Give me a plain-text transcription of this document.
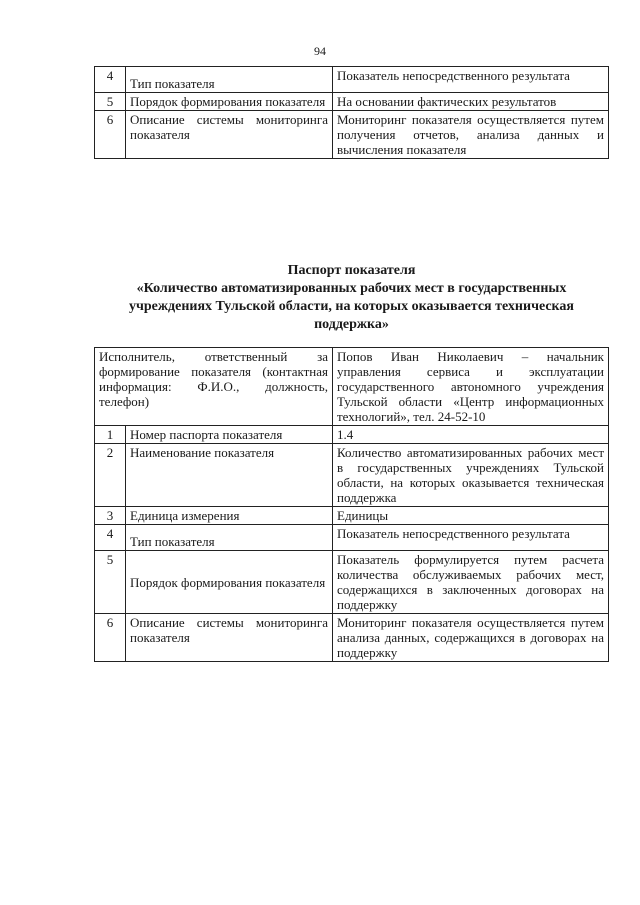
94
4	Тип показателя	Показатель непосредственного результата
5	Порядок формирования показателя	На основании фактических результатов
6	Описание системы мониторинга показателя	Мониторинг показателя осуществляется путем получения отчетов, анализа данных и вычисления показателя
Паспорт показателя
«Количество автоматизированных рабочих мест в государственных учреждениях Тульской области, на которых оказывается техническая поддержка»
Исполнитель, ответственный за формирование показателя (контактная информация: Ф.И.О., должность, телефон)		Попов Иван Николаевич – начальник управления сервиса и эксплуатации государственного автономного учреждения Тульской области «Центр информационных технологий», тел. 24-52-10
1	Номер паспорта показателя	1.4
2	Наименование показателя	Количество автоматизированных рабочих мест в государственных учреждениях Тульской области, на которых оказывается техническая поддержка
3	Единица измерения	Единицы
4	Тип показателя	Показатель непосредственного результата
5	Порядок формирования показателя	Показатель формулируется путем расчета количества обслуживаемых рабочих мест, содержащихся в заключенных договорах на поддержку
6	Описание системы мониторинга показателя	Мониторинг показателя осуществляется путем анализа данных, содержащихся в договорах на поддержку
